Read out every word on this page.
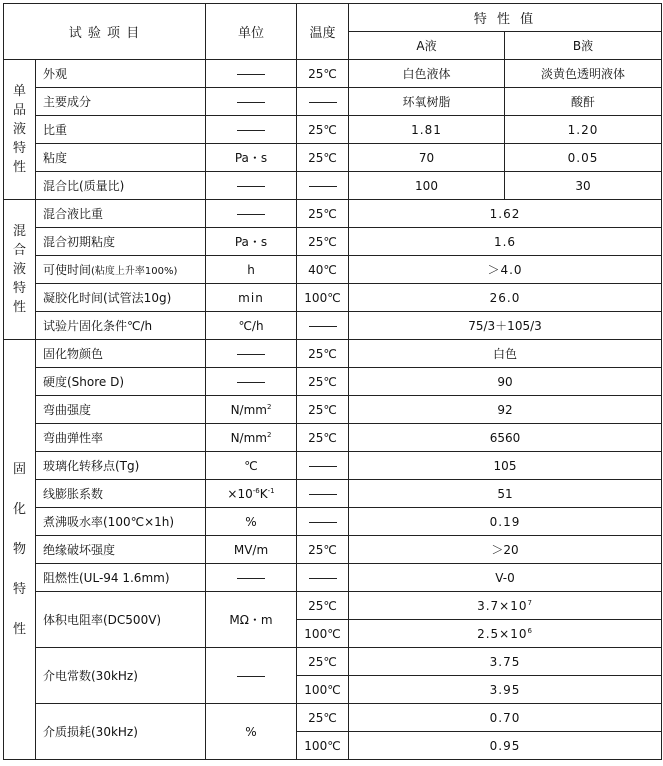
试 验 项 目		单位	温度	特 性 值	
				A液	B液

单
品
液
特
性	外观		25℃	白色液体	淡黄色透明液体
	主要成分			环氧树脂	酸酐
	比重		25℃	1.81	1.20
	粘度	Pa・s	25℃	70	0.05
	混合比(质量比)			100	30

混
合
液
特
性	混合液比重		25℃	1.62	
	混合初期粘度	Pa・s	25℃	1.6	
	可使时间(粘度上升率100%)	h	40℃	＞4.0	
	凝胶化时间(试管法10g)	min	100℃	26.0	
	试验片固化条件℃/h	℃/h		75/3＋105/3	

固
化
物
特
性	固化物颜色		25℃	白色	
	硬度(Shore D)		25℃	90	
	弯曲强度	$N/mm^2$	25℃	92	
	弯曲弹性率	$N/mm^2$	25℃	6560	
	玻璃化转移点(Tg)	℃		105	
	线膨胀系数	$\times 10^{-6}K^{-1}$		51	
	煮沸吸水率(100℃×1h)	%		0.19	
	绝缘破坏强度	MV/m	25℃	＞20	
	阻燃性(UL-94 1.6mm)			V-0	
	体积电阻率(DC500V)	MΩ・m	25℃	$3.7\times 10^7$
			100℃	$2.5\times 10^6$
	介电常数(30kHz)		25℃	3.75	
			100℃	3.95	
	介质损耗(30kHz)	%	25℃	0.70	
			100℃	0.95	
